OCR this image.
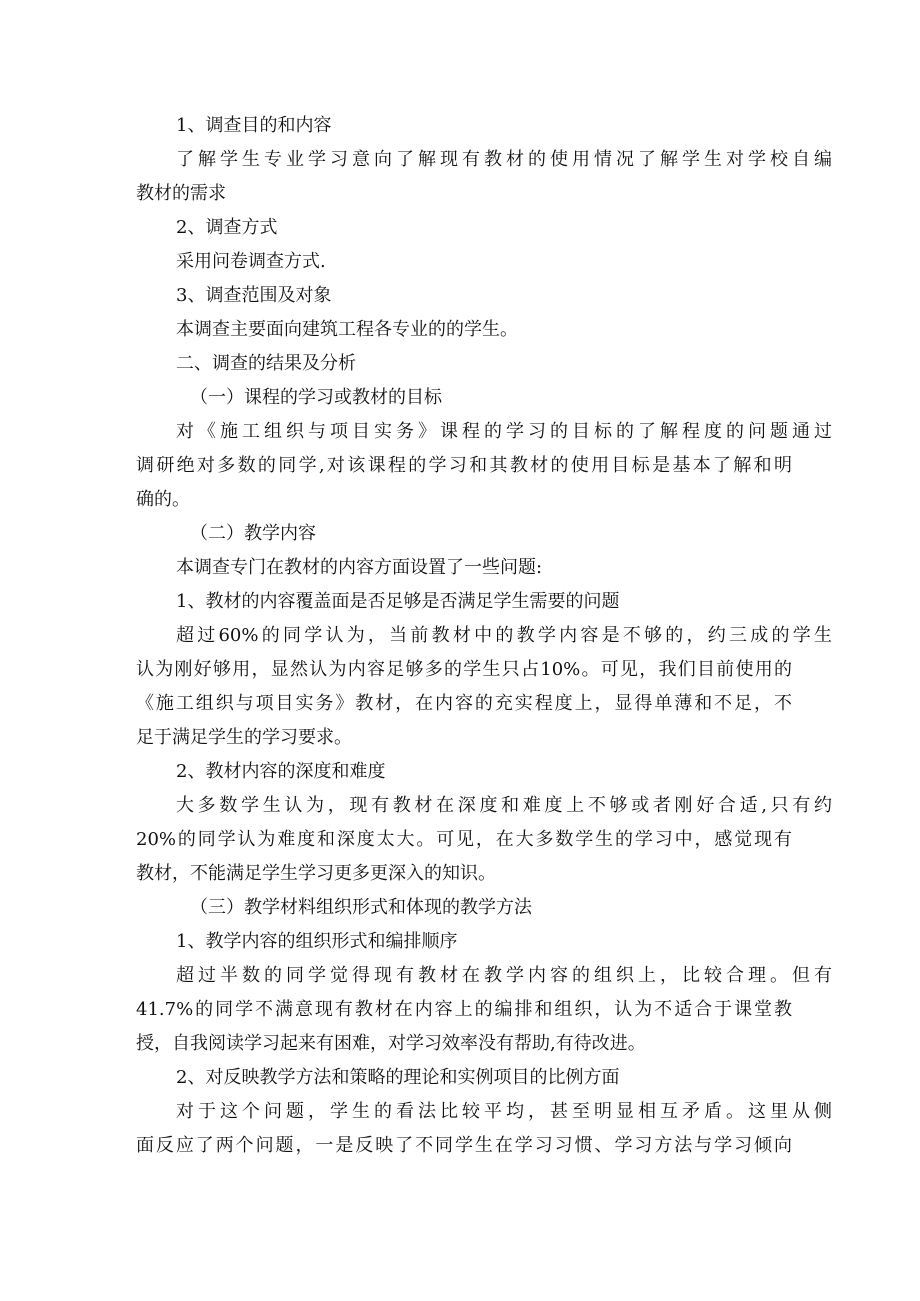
1、调查目的和内容
了解学生专业学习意向了解现有教材的使用情况了解学生对学校自编
教材的需求
2、调查方式
采用问卷调查方式.
3、调查范围及对象
本调查主要面向建筑工程各专业的的学生。
二、调查的结果及分析
（一）课程的学习或教材的目标
对《施工组织与项目实务》课程的学习的目标的了解程度的问题通过
调研绝对多数的同学,对该课程的学习和其教材的使用目标是基本了解和明
确的。
（二）教学内容
本调查专门在教材的内容方面设置了一些问题:
1、教材的内容覆盖面是否足够是否满足学生需要的问题
超过60%的同学认为，当前教材中的教学内容是不够的，约三成的学生
认为刚好够用，显然认为内容足够多的学生只占10%。可见，我们目前使用的
《施工组织与项目实务》教材，在内容的充实程度上，显得单薄和不足，不
足于满足学生的学习要求。
2、教材内容的深度和难度
大多数学生认为，现有教材在深度和难度上不够或者刚好合适,只有约
20%的同学认为难度和深度太大。可见，在大多数学生的学习中，感觉现有
教材，不能满足学生学习更多更深入的知识。
（三）教学材料组织形式和体现的教学方法
1、教学内容的组织形式和编排顺序
超过半数的同学觉得现有教材在教学内容的组织上，比较合理。但有
41.7%的同学不满意现有教材在内容上的编排和组织，认为不适合于课堂教
授，自我阅读学习起来有困难，对学习效率没有帮助,有待改进。
2、对反映教学方法和策略的理论和实例项目的比例方面
对于这个问题，学生的看法比较平均，甚至明显相互矛盾。这里从侧
面反应了两个问题，一是反映了不同学生在学习习惯、学习方法与学习倾向
